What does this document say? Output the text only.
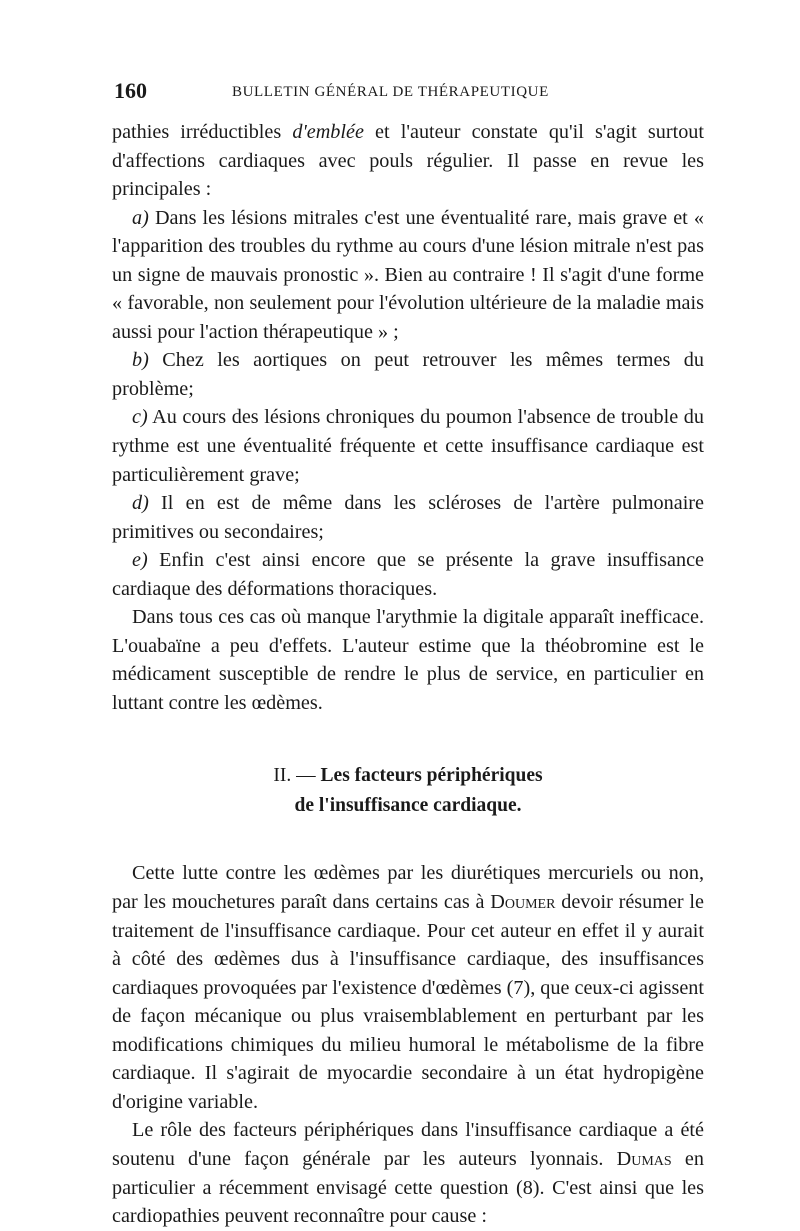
160	BULLETIN GÉNÉRAL DE THÉRAPEUTIQUE

pathies irréductibles d'emblée et l'auteur constate qu'il s'agit surtout d'affections cardiaques avec pouls régulier. Il passe en revue les principales :

a) Dans les lésions mitrales c'est une éventualité rare, mais grave et « l'apparition des troubles du rythme au cours d'une lésion mitrale n'est pas un signe de mauvais pronostic ». Bien au contraire ! Il s'agit d'une forme « favorable, non seulement pour l'évolution ultérieure de la maladie mais aussi pour l'action thérapeutique » ;

b) Chez les aortiques on peut retrouver les mêmes termes du problème;

c) Au cours des lésions chroniques du poumon l'absence de trouble du rythme est une éventualité fréquente et cette insuffisance cardiaque est particulièrement grave;

d) Il en est de même dans les scléroses de l'artère pulmonaire primitives ou secondaires;

e) Enfin c'est ainsi encore que se présente la grave insuffisance cardiaque des déformations thoraciques.

Dans tous ces cas où manque l'arythmie la digitale apparaît inefficace. L'ouabaïne a peu d'effets. L'auteur estime que la théobromine est le médicament susceptible de rendre le plus de service, en particulier en luttant contre les œdèmes.

II. — Les facteurs périphériques
de l'insuffisance cardiaque.

Cette lutte contre les œdèmes par les diurétiques mercuriels ou non, par les mouchetures paraît dans certains cas à Doumer devoir résumer le traitement de l'insuffisance cardiaque. Pour cet auteur en effet il y aurait à côté des œdèmes dus à l'insuffisance cardiaque, des insuffisances cardiaques provoquées par l'existence d'œdèmes (7), que ceux-ci agissent de façon mécanique ou plus vraisemblablement en perturbant par les modifications chimiques du milieu humoral le métabolisme de la fibre cardiaque. Il s'agirait de myocardie secondaire à un état hydropigène d'origine variable.

Le rôle des facteurs périphériques dans l'insuffisance cardiaque a été soutenu d'une façon générale par les auteurs lyonnais. Dumas en particulier a récemment envisagé cette question (8). C'est ainsi que les cardiopathies peuvent reconnaître pour cause :
